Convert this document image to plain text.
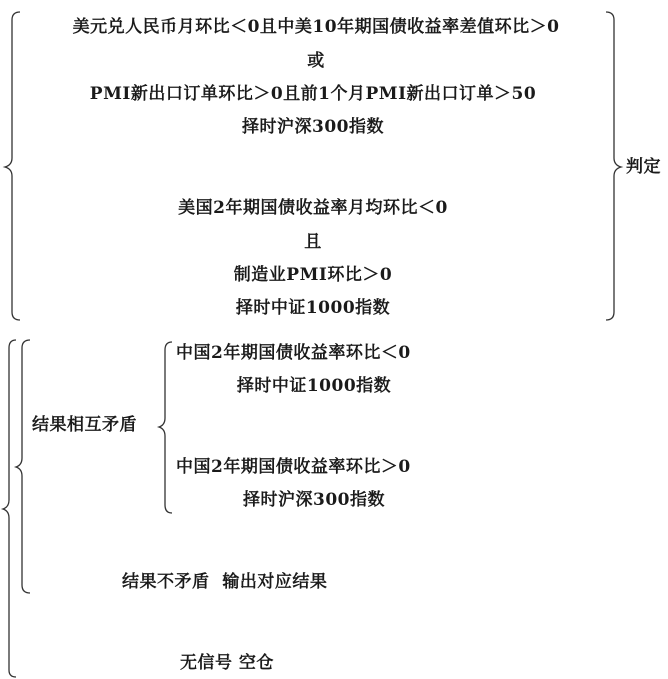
美元兑人民币月环比＜0且中美10年期国债收益率差值环比＞0
或
PMI新出口订单环比＞0且前1个月PMI新出口订单＞50
择时沪深300指数
美国2年期国债收益率月均环比＜0
且
制造业PMI环比＞0
择时中证1000指数
判定
结果相互矛盾
中国2年期国债收益率环比＜0
择时中证1000指数
中国2年期国债收益率环比＞0
择时沪深300指数
结果不矛盾  输出对应结果
无信号 空仓
